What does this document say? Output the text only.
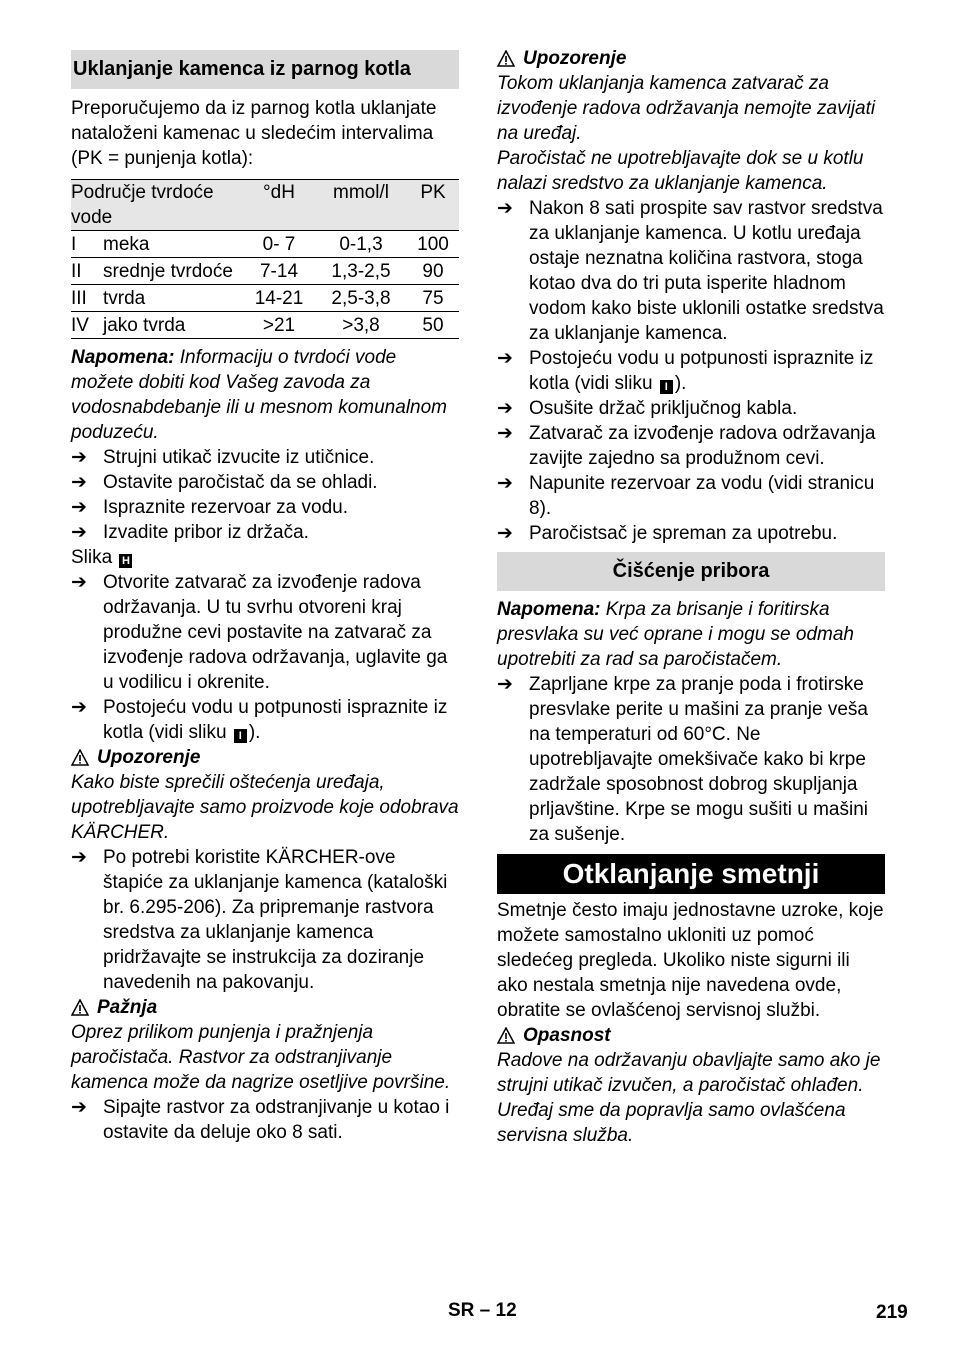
Uklanjanje kamenca iz parnog kotla

Preporučujemo da iz parnog kotla uklanjate nataloženi kamenac u sledećim intervalima (PK = punjenja kotla):

Područje tvrdoće vode		°dH	mmol/l	PK
I	meka	0- 7	0-1,3	100
II	srednje tvrdoće	7-14	1,3-2,5	90
III	tvrda	14-21	2,5-3,8	75
IV	jako tvrda	>21	>3,8	50

Napomena: Informaciju o tvrdoći vode možete dobiti kod Vašeg zavoda za vodosnabdebanje ili u mesnom komunalnom poduzeću.

➔ Strujni utikač izvucite iz utičnice.
➔ Ostavite paročistač da se ohladi.
➔ Ispraznite rezervoar za vodu.
➔ Izvadite pribor iz držača.

Slika H

➔ Otvorite zatvarač za izvođenje radova održavanja. U tu svrhu otvoreni kraj produžne cevi postavite na zatvarač za izvođenje radova održavanja, uglavite ga u vodilicu i okrenite.
➔ Postojeću vodu u potpunosti ispraznite iz kotla (vidi sliku I ).
Upozorenje

Kako biste sprečili oštećenja uređaja, upotrebljavajte samo proizvode koje odobrava KÄRCHER.

➔ Po potrebi koristite KÄRCHER-ove štapiće za uklanjanje kamenca (kataloški br. 6.295-206). Za pripremanje rastvora sredstva za uklanjanje kamenca pridržavajte se instrukcija za doziranje navedenih na pakovanju.
Pažnja

Oprez prilikom punjenja i pražnjenja paročistača. Rastvor za odstranjivanje kamenca može da nagrize osetljive površine.

➔ Sipajte rastvor za odstranjivanje u kotao i ostavite da deluje oko 8 sati.
Upozorenje

Tokom uklanjanja kamenca zatvarač za izvođenje radova održavanja nemojte zavijati na uređaj.

Paročistač ne upotrebljavajte dok se u kotlu nalazi sredstvo za uklanjanje kamenca.

➔ Nakon 8 sati prospite sav rastvor sredstva za uklanjanje kamenca. U kotlu uređaja ostaje neznatna količina rastvora, stoga kotao dva do tri puta isperite hladnom vodom kako biste uklonili ostatke sredstva za uklanjanje kamenca.
➔ Postojeću vodu u potpunosti ispraznite iz kotla (vidi sliku I ).
➔ Osušite držač priključnog kabla.
➔ Zatvarač za izvođenje radova održavanja zavijte zajedno sa produžnom cevi.
➔ Napunite rezervoar za vodu (vidi stranicu 8).
➔ Paročistsač je spreman za upotrebu.
Čišćenje pribora

Napomena: Krpa za brisanje i foritirska presvlaka su već oprane i mogu se odmah upotrebiti za rad sa paročistačem.

➔ Zaprljane krpe za pranje poda i frotirske presvlake perite u mašini za pranje veša na temperaturi od 60°C. Ne upotrebljavajte omekšivače kako bi krpe zadržale sposobnost dobrog skupljanja prljavštine. Krpe se mogu sušiti u mašini za sušenje.
Otklanjanje smetnji

Smetnje često imaju jednostavne uzroke, koje možete samostalno ukloniti uz pomoć sledećeg pregleda. Ukoliko niste sigurni ili ako nestala smetnja nije navedena ovde, obratite se ovlašćenoj servisnoj službi.

Opasnost

Radove na održavanju obavljajte samo ako je strujni utikač izvučen, a paročistač ohlađen.

Uređaj sme da popravlja samo ovlašćena servisna služba.

SR – 12	219
